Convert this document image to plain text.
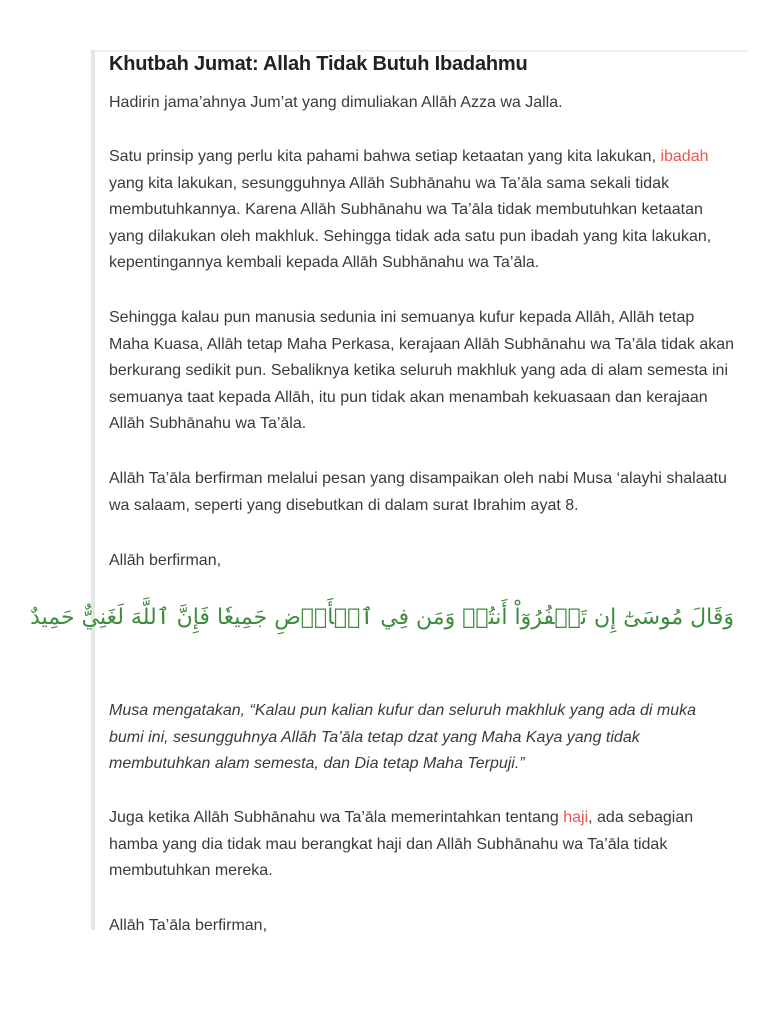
Khutbah Jumat: Allah Tidak Butuh Ibadahmu

Hadirin jama’ahnya Jum’at yang dimuliakan Allāh Azza wa Jalla.

Satu prinsip yang perlu kita pahami bahwa setiap ketaatan yang kita lakukan, ibadah yang kita lakukan, sesungguhnya Allāh Subhānahu wa Ta’āla sama sekali tidak membutuhkannya. Karena Allāh Subhānahu wa Ta’āla tidak membutuhkan ketaatan yang dilakukan oleh makhluk. Sehingga tidak ada satu pun ibadah yang kita lakukan, kepentingannya kembali kepada Allāh Subhānahu wa Ta’āla.

Sehingga kalau pun manusia sedunia ini semuanya kufur kepada Allāh, Allāh tetap Maha Kuasa, Allāh tetap Maha Perkasa, kerajaan Allāh Subhānahu wa Ta’āla tidak akan berkurang sedikit pun. Sebaliknya ketika seluruh makhluk yang ada di alam semesta ini semuanya taat kepada Allāh, itu pun tidak akan menambah kekuasaan dan kerajaan Allāh Subhānahu wa Ta’āla.

Allāh Ta’āla berfirman melalui pesan yang disampaikan oleh nabi Musa ‘alayhi shalaatu wa salaam, seperti yang disebutkan di dalam surat Ibrahim ayat 8.

Allāh berfirman,

وَقَالَ مُوسَىٰٓ إِن تَكۡفُرُوٓاْ أَنتُمۡ وَمَن فِي ٱلۡأَرۡضِ جَمِيعٗا فَإِنَّ ٱللَّهَ لَغَنِيٌّ حَمِيدٌ

Musa mengatakan, “Kalau pun kalian kufur dan seluruh makhluk yang ada di muka bumi ini, sesungguhnya Allāh Ta’āla tetap dzat yang Maha Kaya yang tidak membutuhkan alam semesta, dan Dia tetap Maha Terpuji.”

Juga ketika Allāh Subhānahu wa Ta’āla memerintahkan tentang haji, ada sebagian hamba yang dia tidak mau berangkat haji dan Allāh Subhānahu wa Ta’āla tidak membutuhkan mereka.

Allāh Ta’āla berfirman,
